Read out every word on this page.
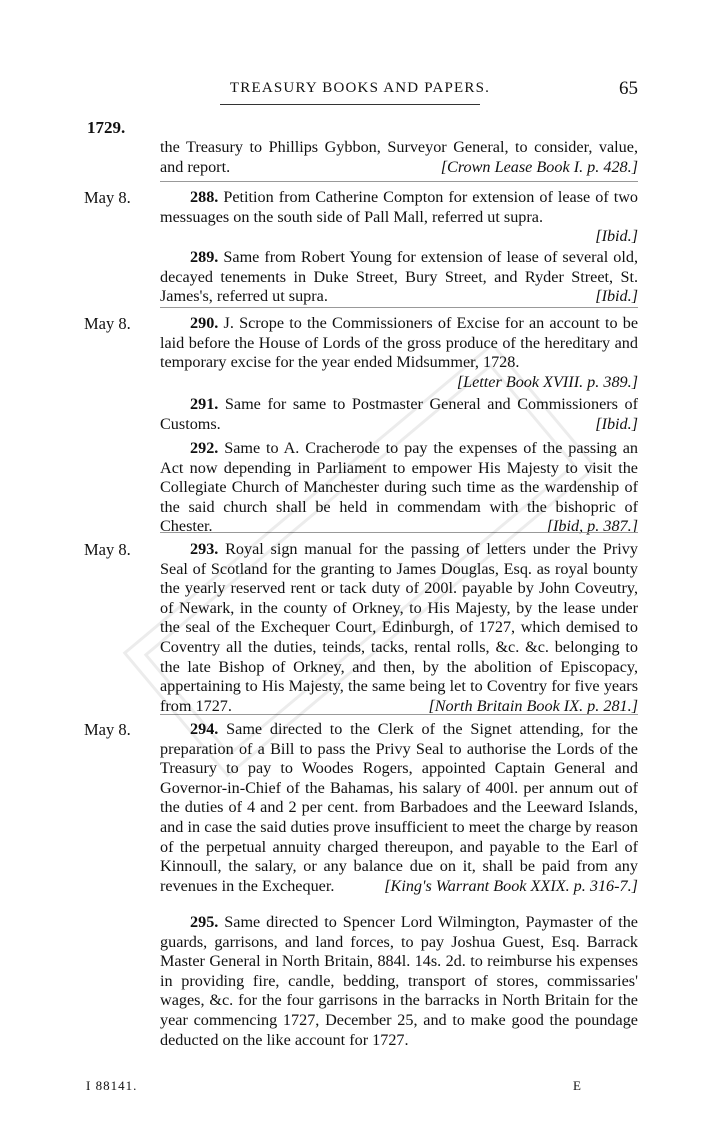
TREASURY BOOKS AND PAPERS.	65
1729.
the Treasury to Phillips Gybbon, Surveyor General, to consider, value, and report.	[Crown Lease Book I. p. 428.]
May 8.	288. Petition from Catherine Compton for extension of lease of two messuages on the south side of Pall Mall, referred ut supra.
[Ibid.]
289. Same from Robert Young for extension of lease of several old, decayed tenements in Duke Street, Bury Street, and Ryder Street, St. James's, referred ut supra.	[Ibid.]
May 8.	290. J. Scrope to the Commissioners of Excise for an account to be laid before the House of Lords of the gross produce of the hereditary and temporary excise for the year ended Midsummer, 1728.
[Letter Book XVIII. p. 389.]
291. Same for same to Postmaster General and Commissioners of Customs.	[Ibid.]
292. Same to A. Cracherode to pay the expenses of the passing an Act now depending in Parliament to empower His Majesty to visit the Collegiate Church of Manchester during such time as the wardenship of the said church shall be held in commendam with the bishopric of Chester.	[Ibid, p. 387.]
May 8.	293. Royal sign manual for the passing of letters under the Privy Seal of Scotland for the granting to James Douglas, Esq. as royal bounty the yearly reserved rent or tack duty of 200l. payable by John Coveutry, of Newark, in the county of Orkney, to His Majesty, by the lease under the seal of the Exchequer Court, Edinburgh, of 1727, which demised to Coventry all the duties, teinds, tacks, rental rolls, &c. &c. belonging to the late Bishop of Orkney, and then, by the abolition of Episcopacy, appertaining to His Majesty, the same being let to Coventry for five years from 1727.	[North Britain Book IX. p. 281.]
May 8.	294. Same directed to the Clerk of the Signet attending, for the preparation of a Bill to pass the Privy Seal to authorise the Lords of the Treasury to pay to Woodes Rogers, appointed Captain General and Governor-in-Chief of the Bahamas, his salary of 400l. per annum out of the duties of 4 and 2 per cent. from Barbadoes and the Leeward Islands, and in case the said duties prove insufficient to meet the charge by reason of the perpetual annuity charged thereupon, and payable to the Earl of Kinnoull, the salary, or any balance due on it, shall be paid from any revenues in the Exchequer.	[King's Warrant Book XXIX. p. 316-7.]
295. Same directed to Spencer Lord Wilmington, Paymaster of the guards, garrisons, and land forces, to pay Joshua Guest, Esq. Barrack Master General in North Britain, 884l. 14s. 2d. to reimburse his expenses in providing fire, candle, bedding, transport of stores, commissaries' wages, &c. for the four garrisons in the barracks in North Britain for the year commencing 1727, December 25, and to make good the poundage deducted on the like account for 1727.
I 88141.	E
